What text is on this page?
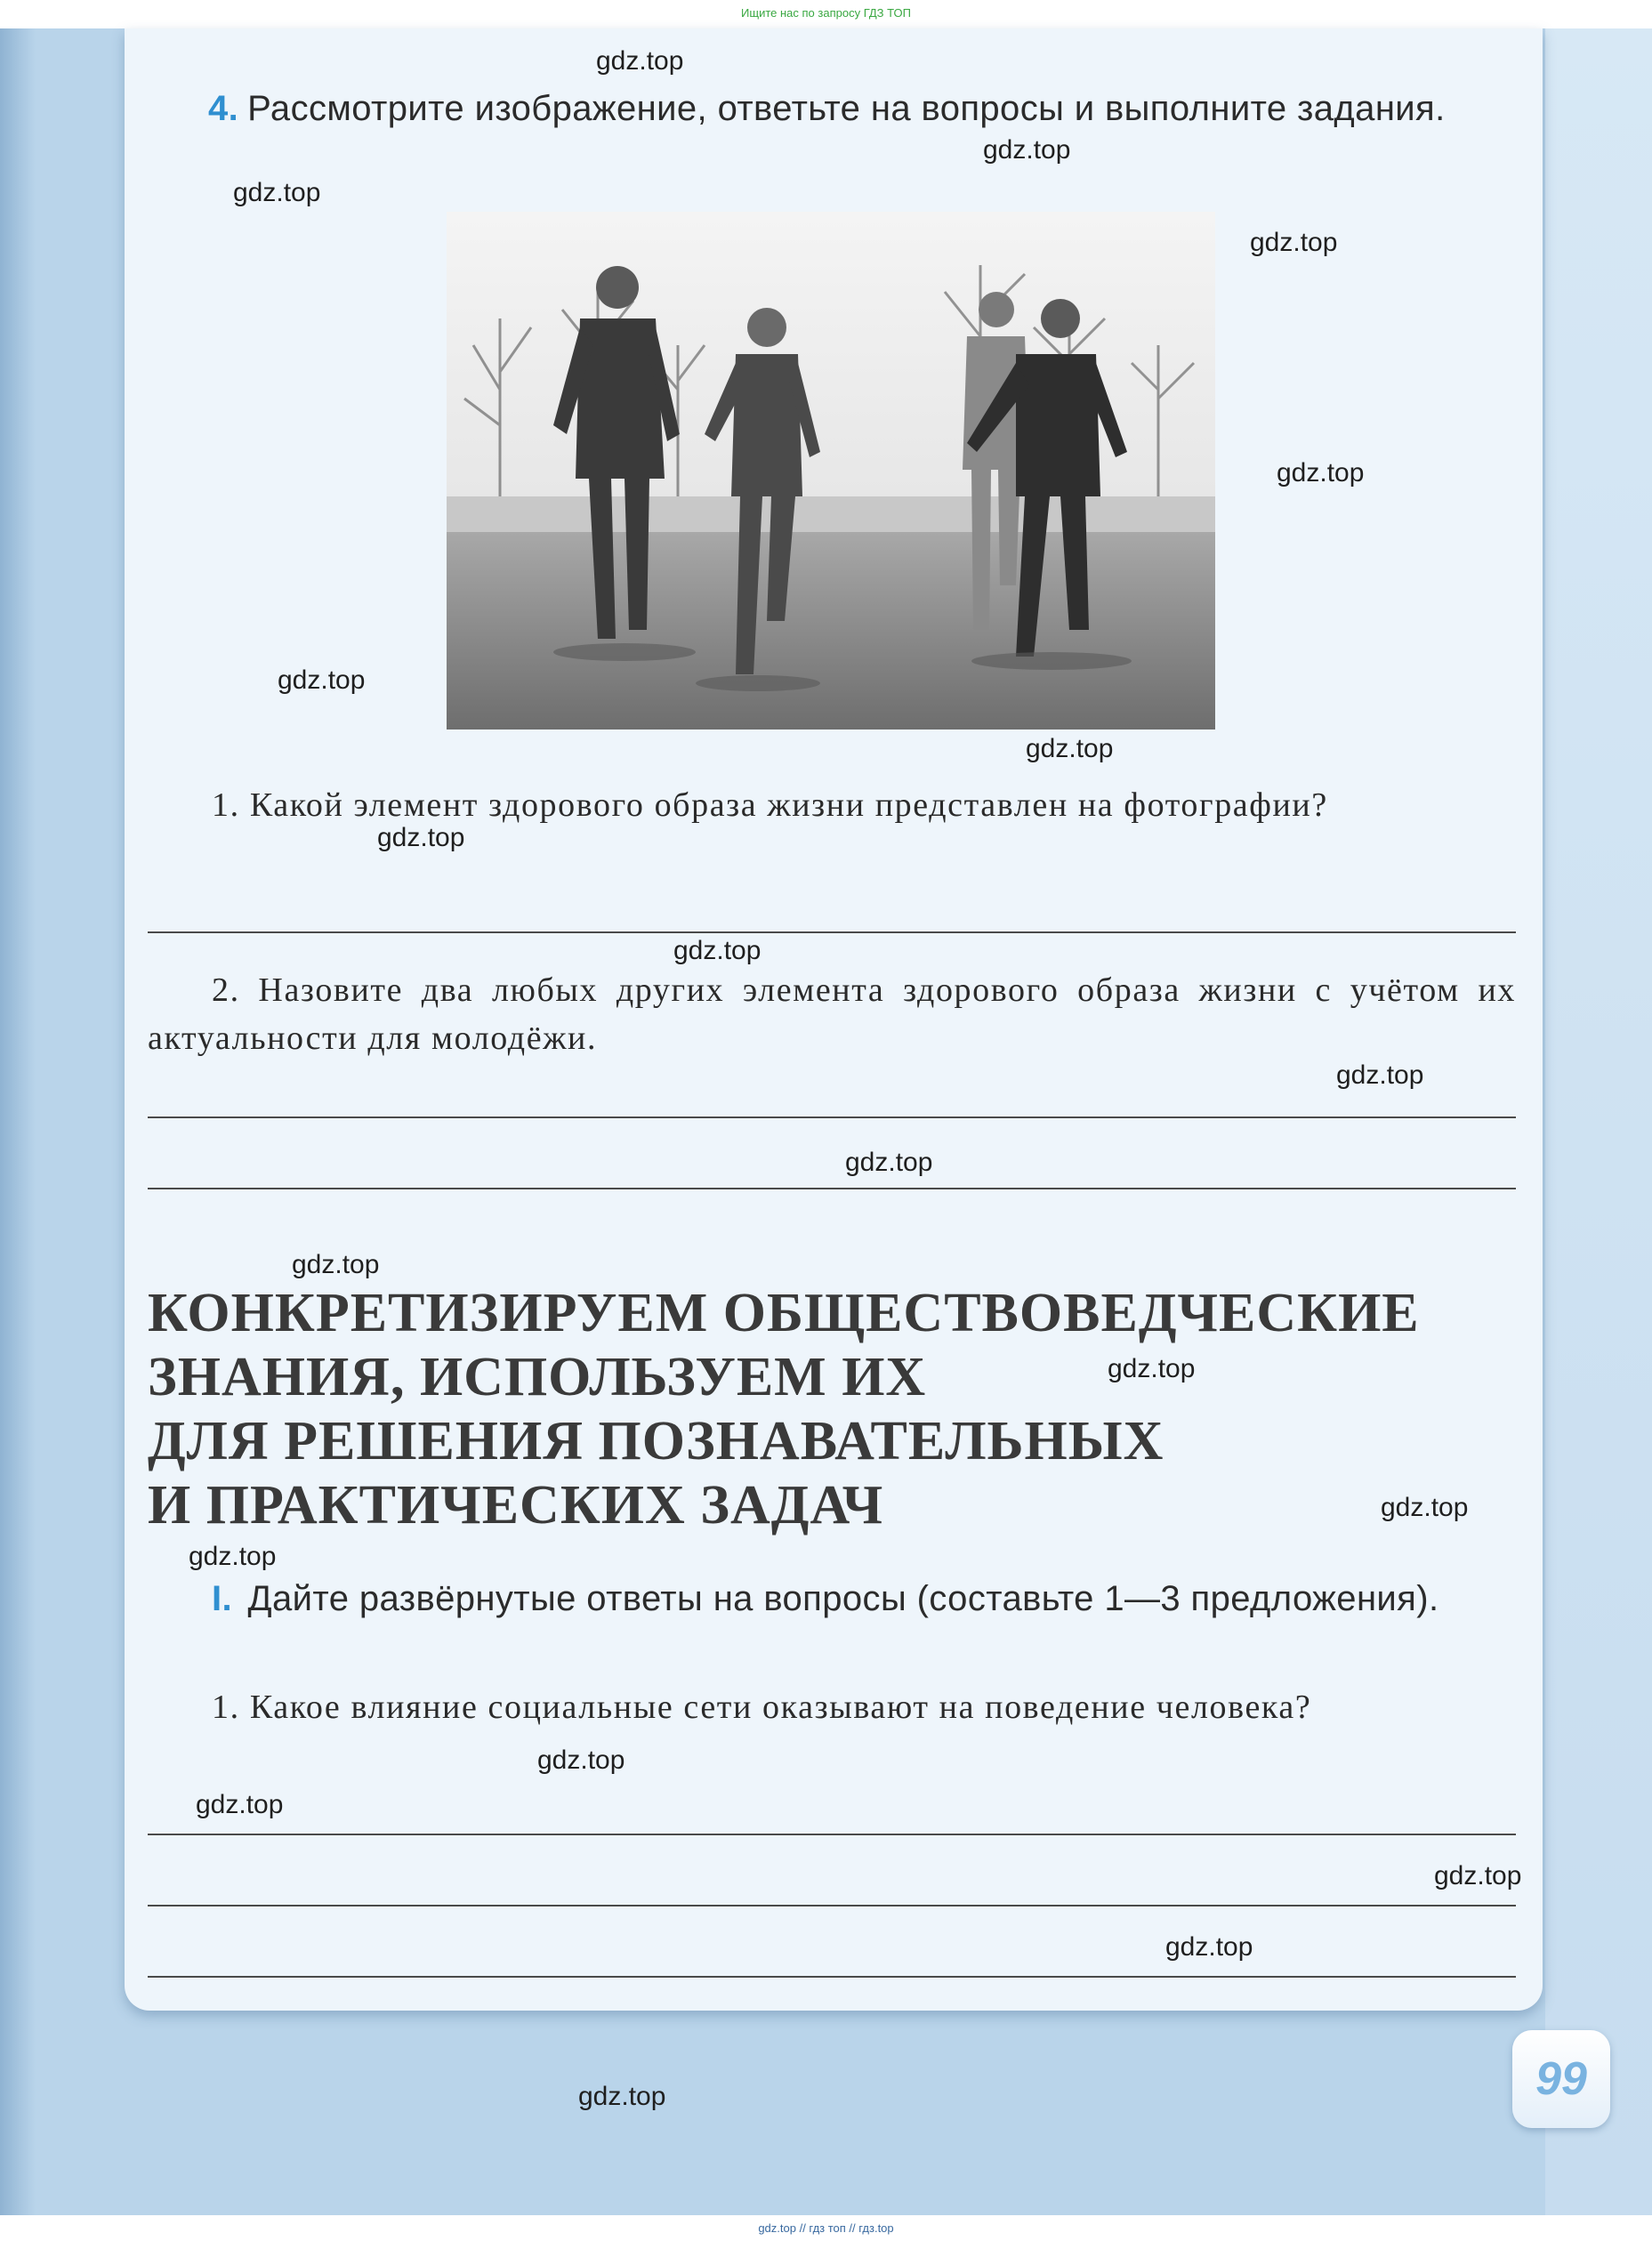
Ищите нас по запросу ГДЗ ТОП
4. Рассмотрите изображение, ответьте на вопросы и выполните задания.
1. Какой элемент здорового образа жизни представлен на фотографии?
2. Назовите два любых других элемента здорового образа жизни с учётом их актуальности для молодёжи.
КОНКРЕТИЗИРУЕМ ОБЩЕСТВОВЕДЧЕСКИЕ
ЗНАНИЯ, ИСПОЛЬЗУЕМ ИХ
ДЛЯ РЕШЕНИЯ ПОЗНАВАТЕЛЬНЫХ
И ПРАКТИЧЕСКИХ ЗАДАЧ
I. Дайте развёрнутые ответы на вопросы (составьте 1—3 предложения).
1. Какое влияние социальные сети оказывают на поведение человека?
99
gdz.top
gdz.top
gdz.top
gdz.top
gdz.top
gdz.top
gdz.top
gdz.top
gdz.top
gdz.top
gdz.top
gdz.top
gdz.top
gdz.top
gdz.top
gdz.top
gdz.top
gdz.top
gdz.top
gdz.top
gdz.top // гдз топ // гдз.top
